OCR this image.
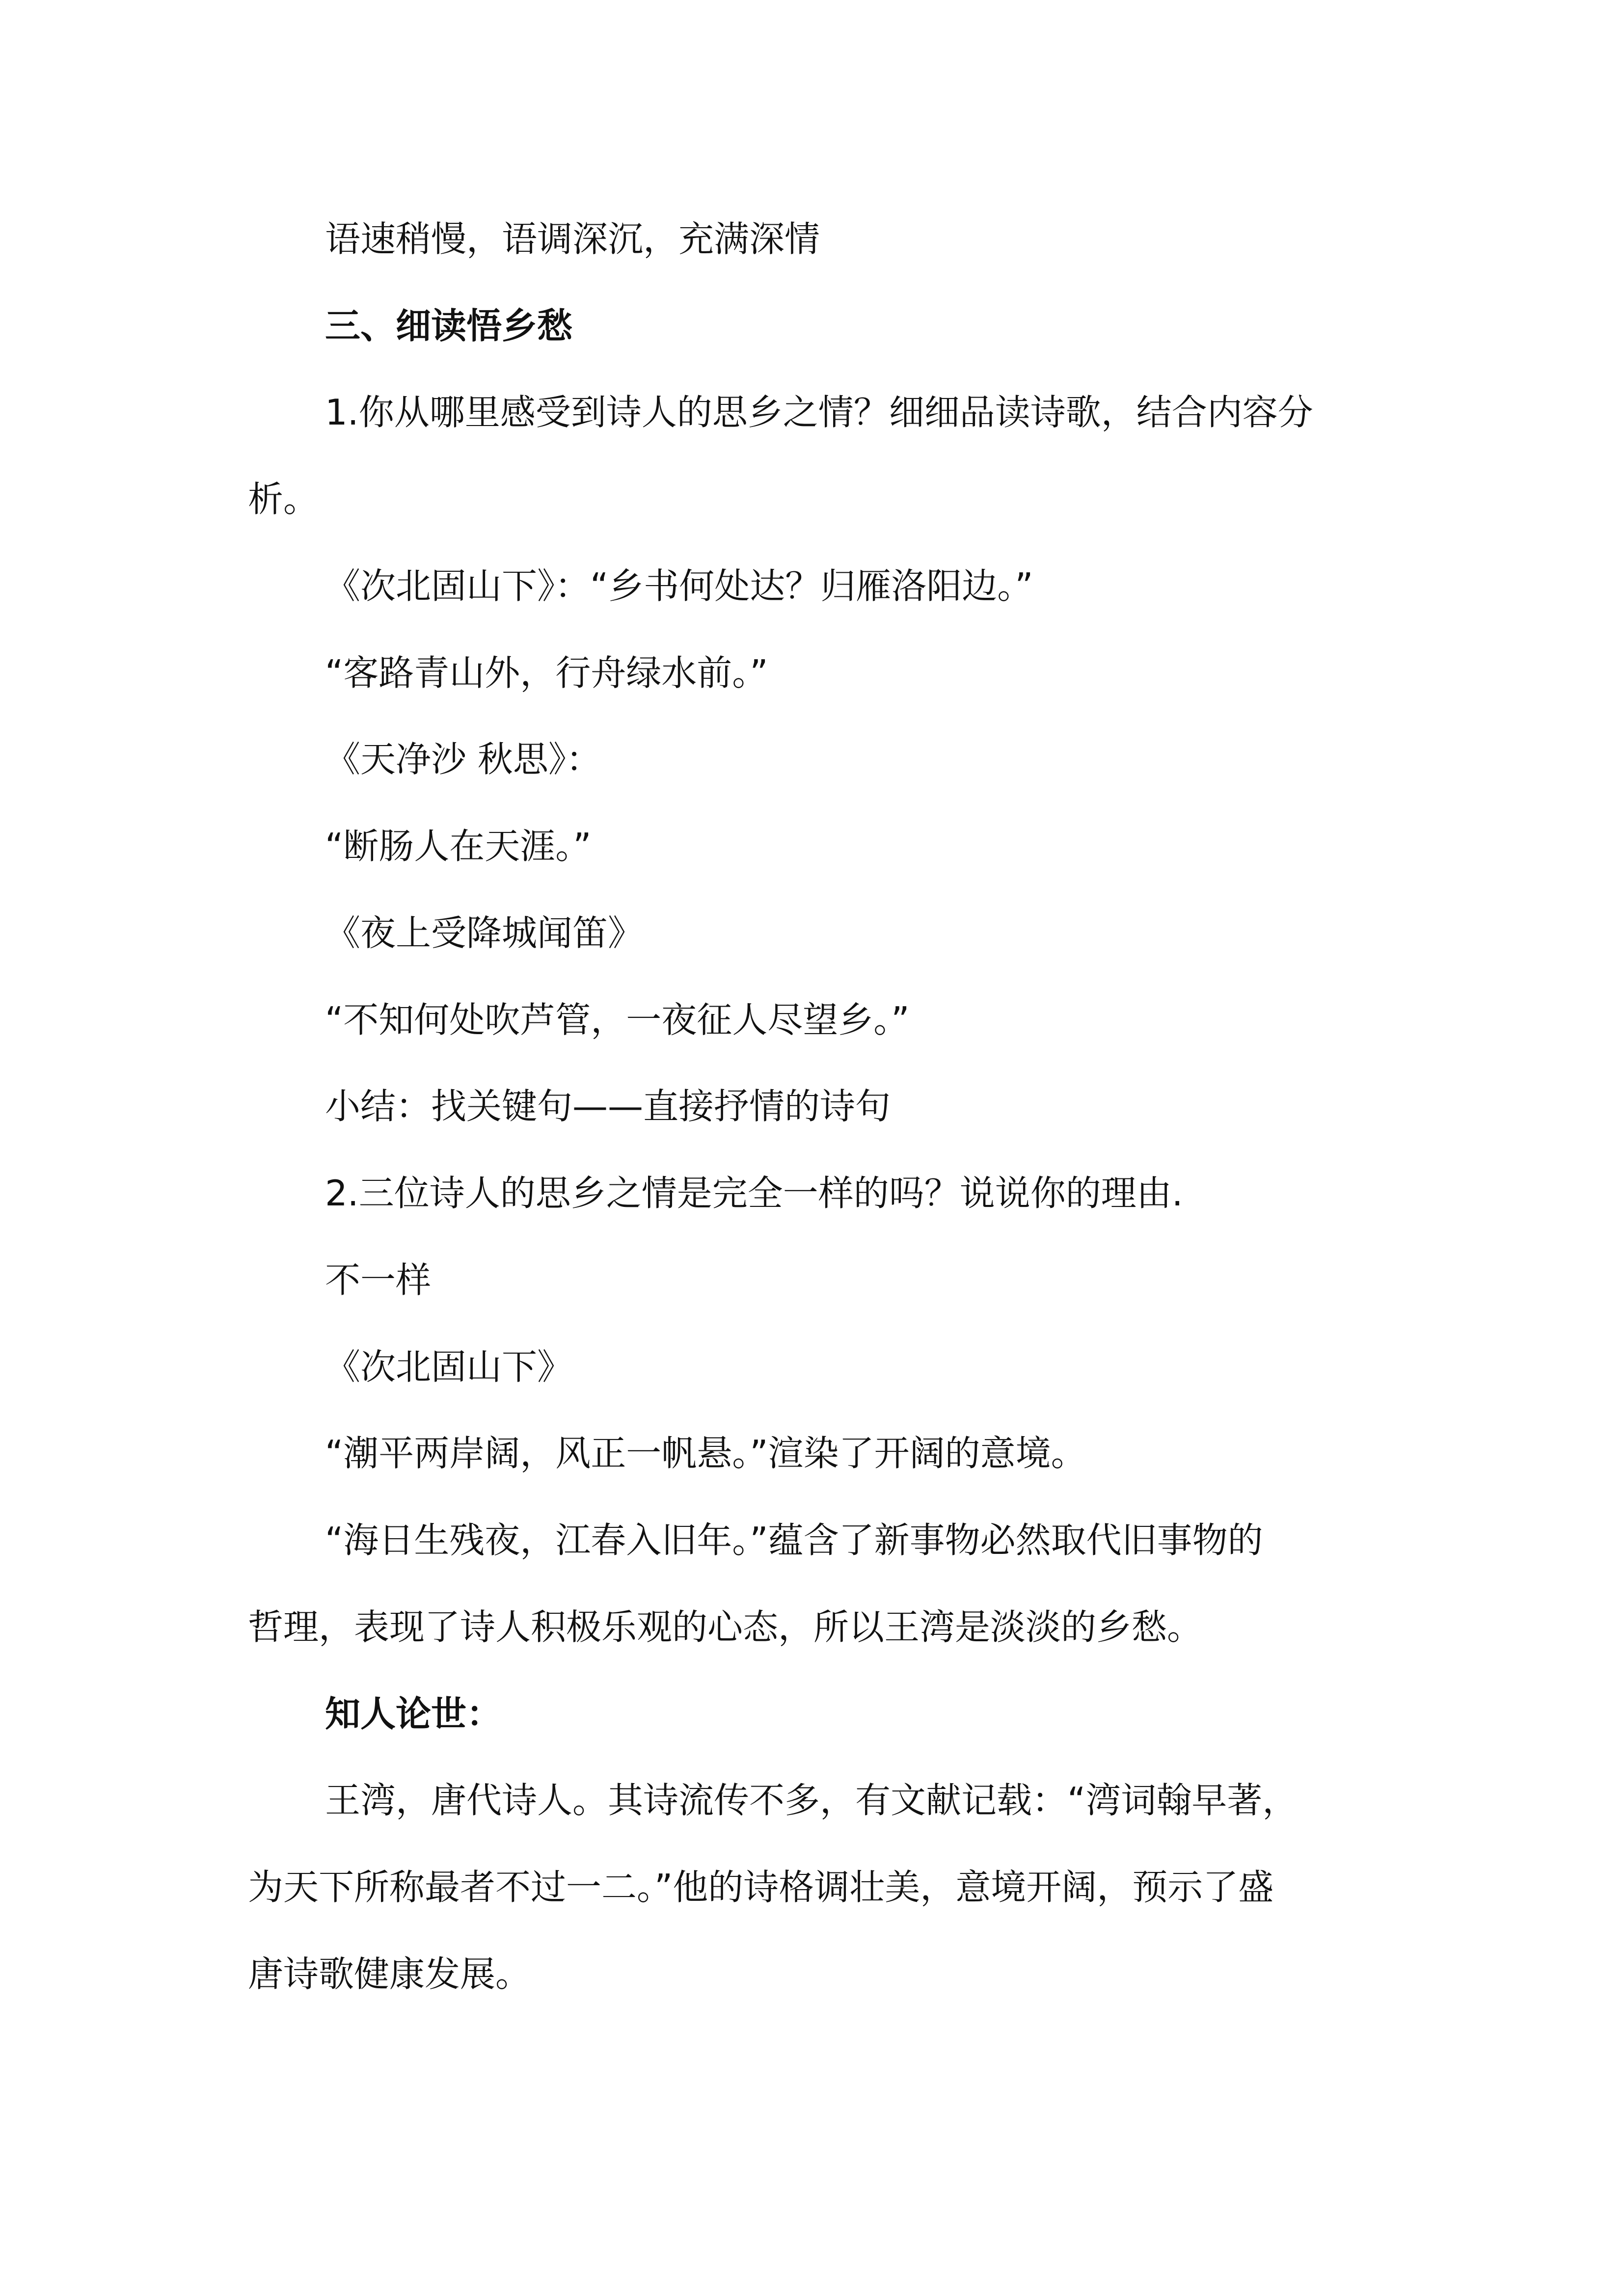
语速稍慢，语调深沉，充满深情

三、细读悟乡愁

1.你从哪里感受到诗人的思乡之情？细细品读诗歌，结合内容分

析。

《次北固山下》：“乡书何处达？归雁洛阳边。”

“客路青山外，行舟绿水前。”

《天净沙 秋思》：

“断肠人在天涯。”

《夜上受降城闻笛》

“不知何处吹芦管，一夜征人尽望乡。”

小结：找关键句——直接抒情的诗句

2.三位诗人的思乡之情是完全一样的吗？说说你的理由.

不一样

《次北固山下》

“潮平两岸阔，风正一帆悬。”渲染了开阔的意境。

“海日生残夜，江春入旧年。”蕴含了新事物必然取代旧事物的

哲理，表现了诗人积极乐观的心态，所以王湾是淡淡的乡愁。

知人论世：

王湾，唐代诗人。其诗流传不多，有文献记载：“湾词翰早著，

为天下所称最者不过一二。”他的诗格调壮美，意境开阔，预示了盛

唐诗歌健康发展。
